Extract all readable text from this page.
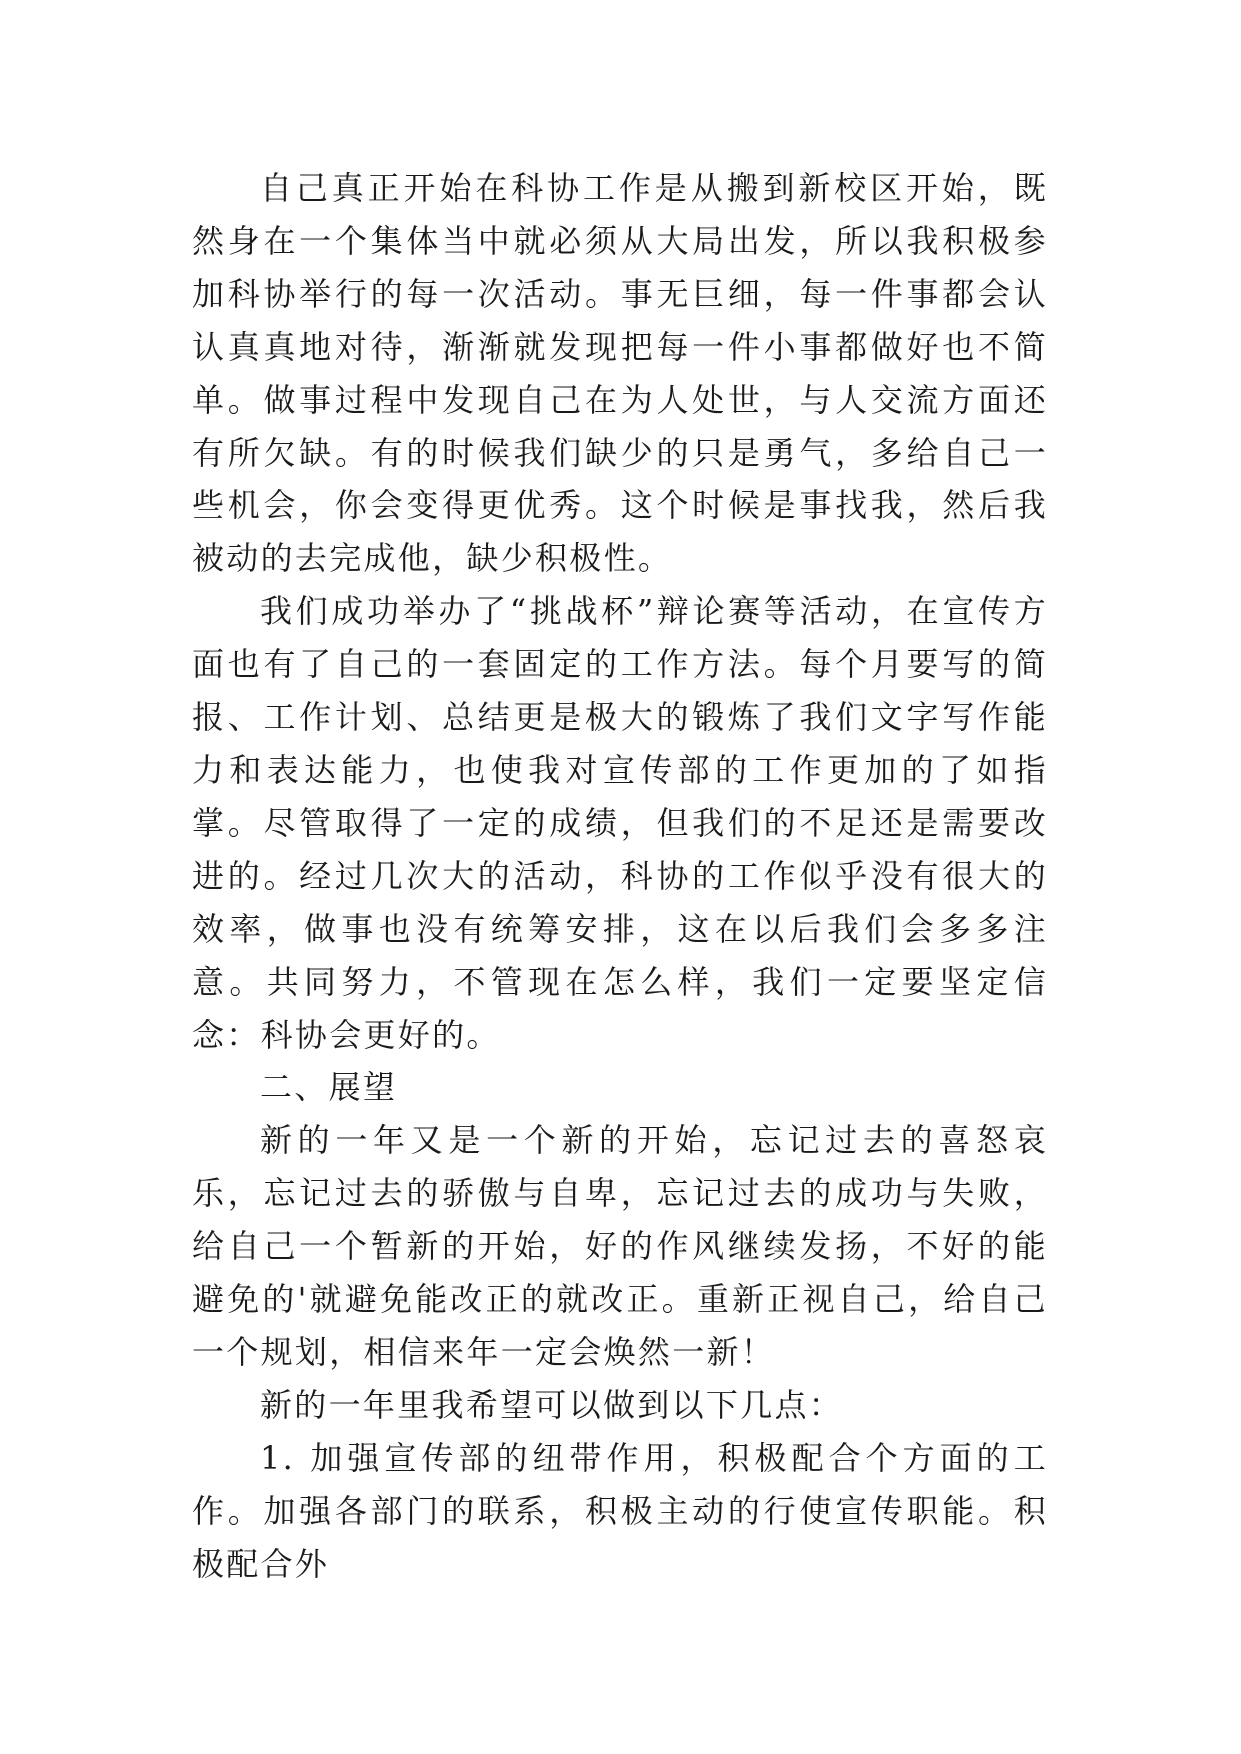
自己真正开始在科协工作是从搬到新校区开始，既然身在一个集体当中就必须从大局出发，所以我积极参加科协举行的每一次活动。事无巨细，每一件事都会认认真真地对待，渐渐就发现把每一件小事都做好也不简单。做事过程中发现自己在为人处世，与人交流方面还有所欠缺。有的时候我们缺少的只是勇气，多给自己一些机会，你会变得更优秀。这个时候是事找我，然后我被动的去完成他，缺少积极性。

我们成功举办了“挑战杯”辩论赛等活动，在宣传方面也有了自己的一套固定的工作方法。每个月要写的简报、工作计划、总结更是极大的锻炼了我们文字写作能力和表达能力，也使我对宣传部的工作更加的了如指掌。尽管取得了一定的成绩，但我们的不足还是需要改进的。经过几次大的活动，科协的工作似乎没有很大的效率，做事也没有统筹安排，这在以后我们会多多注意。共同努力，不管现在怎么样，我们一定要坚定信念：科协会更好的。

二、展望

新的一年又是一个新的开始，忘记过去的喜怒哀乐，忘记过去的骄傲与自卑，忘记过去的成功与失败，给自己一个暂新的开始，好的作风继续发扬，不好的能避免的'就避免能改正的就改正。重新正视自己，给自己一个规划，相信来年一定会焕然一新！

新的一年里我希望可以做到以下几点：

1. 加强宣传部的纽带作用，积极配合个方面的工作。加强各部门的联系，积极主动的行使宣传职能。积极配合外
